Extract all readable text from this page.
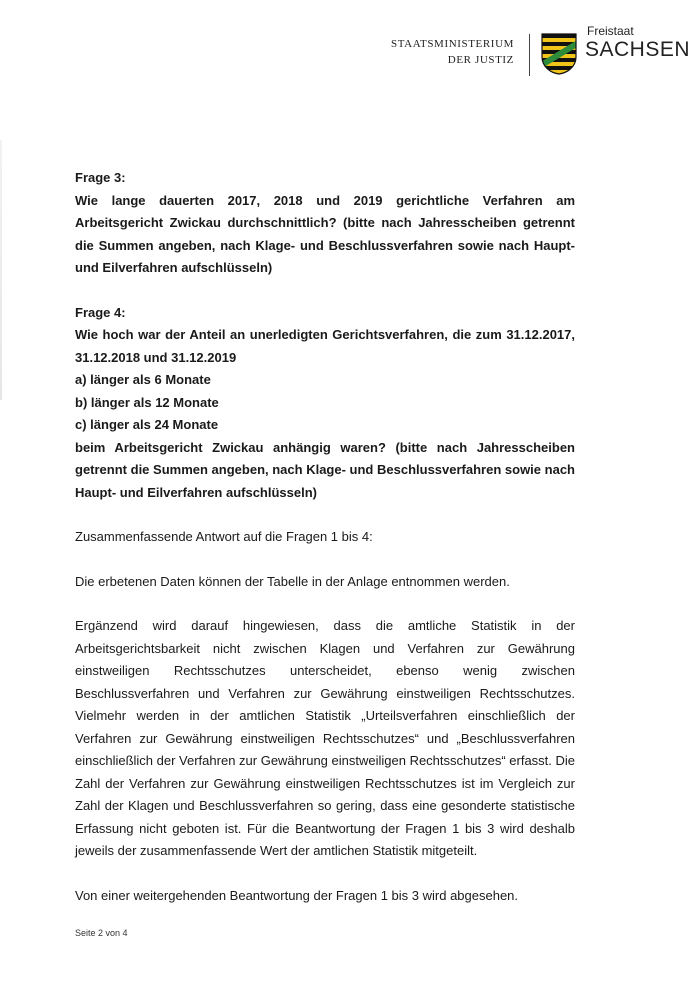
STAATSMINISTERIUM
DER JUSTIZ
Freistaat
SACHSEN
Frage 3:
Wie lange dauerten 2017, 2018 und 2019 gerichtliche Verfahren am Arbeitsgericht Zwickau durchschnittlich? (bitte nach Jahresscheiben getrennt die Summen angeben, nach Klage- und Beschlussverfahren sowie nach Haupt- und Eilverfahren aufschlüsseln)
Frage 4:
Wie hoch war der Anteil an unerledigten Gerichtsverfahren, die zum 31.12.2017, 31.12.2018 und 31.12.2019
a) länger als 6 Monate
b) länger als 12 Monate
c) länger als 24 Monate
beim Arbeitsgericht Zwickau anhängig waren? (bitte nach Jahresscheiben getrennt die Summen angeben, nach Klage- und Beschlussverfahren sowie nach Haupt- und Eilverfahren aufschlüsseln)

Zusammenfassende Antwort auf die Fragen 1 bis 4:

Die erbetenen Daten können der Tabelle in der Anlage entnommen werden.

Ergänzend wird darauf hingewiesen, dass die amtliche Statistik in der Arbeitsgerichtsbarkeit nicht zwischen Klagen und Verfahren zur Gewährung einstweiligen Rechtsschutzes unterscheidet, ebenso wenig zwischen Beschlussverfahren und Verfahren zur Gewährung einstweiligen Rechtsschutzes. Vielmehr werden in der amtlichen Statistik „Urteilsverfahren einschließlich der Verfahren zur Gewährung einstweiligen Rechtsschutzes“ und „Beschlussverfahren einschließlich der Verfahren zur Gewährung einstweiligen Rechtsschutzes“ erfasst. Die Zahl der Verfahren zur Gewährung einstweiligen Rechtsschutzes ist im Vergleich zur Zahl der Klagen und Beschlussverfahren so gering, dass eine gesonderte statistische Erfassung nicht geboten ist. Für die Beantwortung der Fragen 1 bis 3 wird deshalb jeweils der zusammenfassende Wert der amtlichen Statistik mitgeteilt.

Von einer weitergehenden Beantwortung der Fragen 1 bis 3 wird abgesehen.

Seite 2 von 4
